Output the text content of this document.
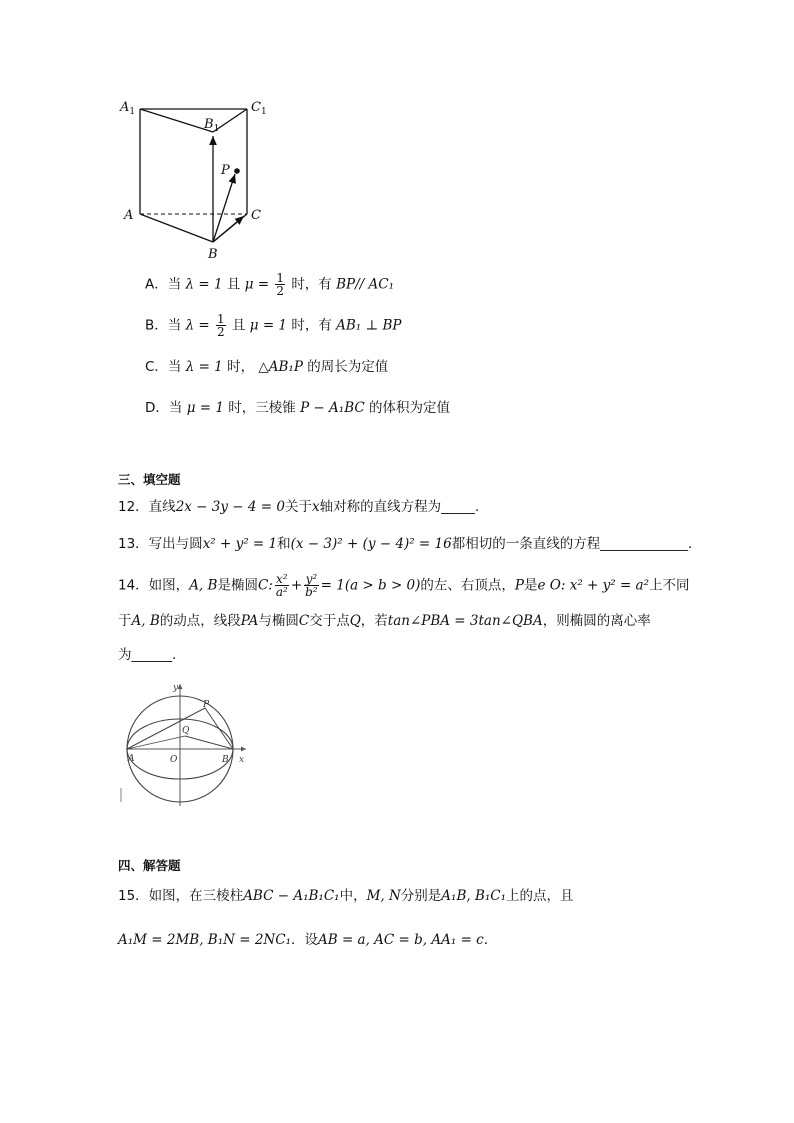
$A_1$
$B_1$
$C_1$
P
A	C
B
A．当 λ = 1 且 $\mu = \frac{1}{2}$ 时，有 BP// AC₁
B．当 $\lambda = \frac{1}{2}$ 且 μ = 1 时，有 AB₁ ⊥ BP
C．当 λ = 1 时， △AB₁P 的周长为定值
D．当 μ = 1 时，三棱锥 P − A₁BC 的体积为定值
三、填空题
12．直线2x − 3y − 4 = 0关于x轴对称的直线方程为_____.
13．写出与圆x² + y² = 1和(x − 3)² + (y − 4)² = 16都相切的一条直线的方程_____________．
14．如图，A, B是椭圆C: $\frac{\text{x²}}{\text{a²}} + \frac{\text{y²}}{\text{b²}} = 1(a > b > 0)$的左、右顶点，P是e O: x² + y² = a²上不同
于A, B的动点，线段PA与椭圆C交于点Q，若tan∠PBA = 3tan∠QBA，则椭圆的离心率
为______.
y
x
A	O	B
P
Q
四、解答题
15．如图，在三棱柱ABC − A₁B₁C₁中，M, N分别是A₁B, B₁C₁上的点，且
A₁M = 2MB, B₁N = 2NC₁．设AB = a, AC = b, AA₁ = c．
